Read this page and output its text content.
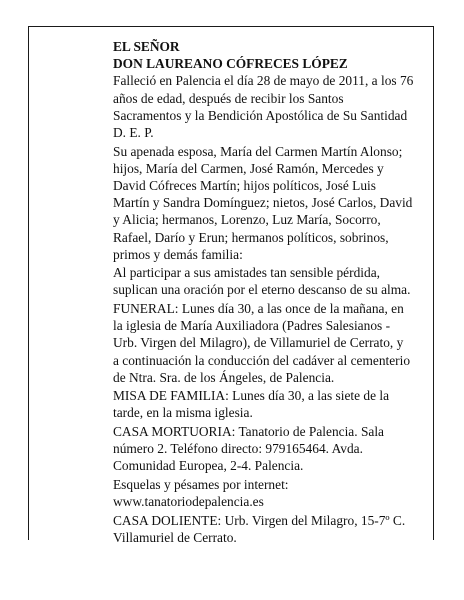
EL SEÑOR
DON LAUREANO CÓFRECES LÓPEZ
Falleció en Palencia el día 28 de mayo de 2011, a los 76
años de edad, después de recibir los Santos
Sacramentos y la Bendición Apostólica de Su Santidad
D. E. P.
Su apenada esposa, María del Carmen Martín Alonso;
hijos, María del Carmen, José Ramón, Mercedes y
David Cófreces Martín; hijos políticos, José Luis
Martín y Sandra Domínguez; nietos, José Carlos, David
y Alicia; hermanos, Lorenzo, Luz María, Socorro,
Rafael, Darío y Erun; hermanos políticos, sobrinos,
primos y demás familia:
Al participar a sus amistades tan sensible pérdida,
suplican una oración por el eterno descanso de su alma.
FUNERAL: Lunes día 30, a las once de la mañana, en
la iglesia de María Auxiliadora (Padres Salesianos -
Urb. Virgen del Milagro), de Villamuriel de Cerrato, y
a continuación la conducción del cadáver al cementerio
de Ntra. Sra. de los Ángeles, de Palencia.
MISA DE FAMILIA: Lunes día 30, a las siete de la
tarde, en la misma iglesia.
CASA MORTUORIA: Tanatorio de Palencia. Sala
número 2. Teléfono directo: 979165464. Avda.
Comunidad Europea, 2-4. Palencia.
Esquelas y pésames por internet:
www.tanatoriodepalencia.es
CASA DOLIENTE: Urb. Virgen del Milagro, 15-7º C.
Villamuriel de Cerrato.
